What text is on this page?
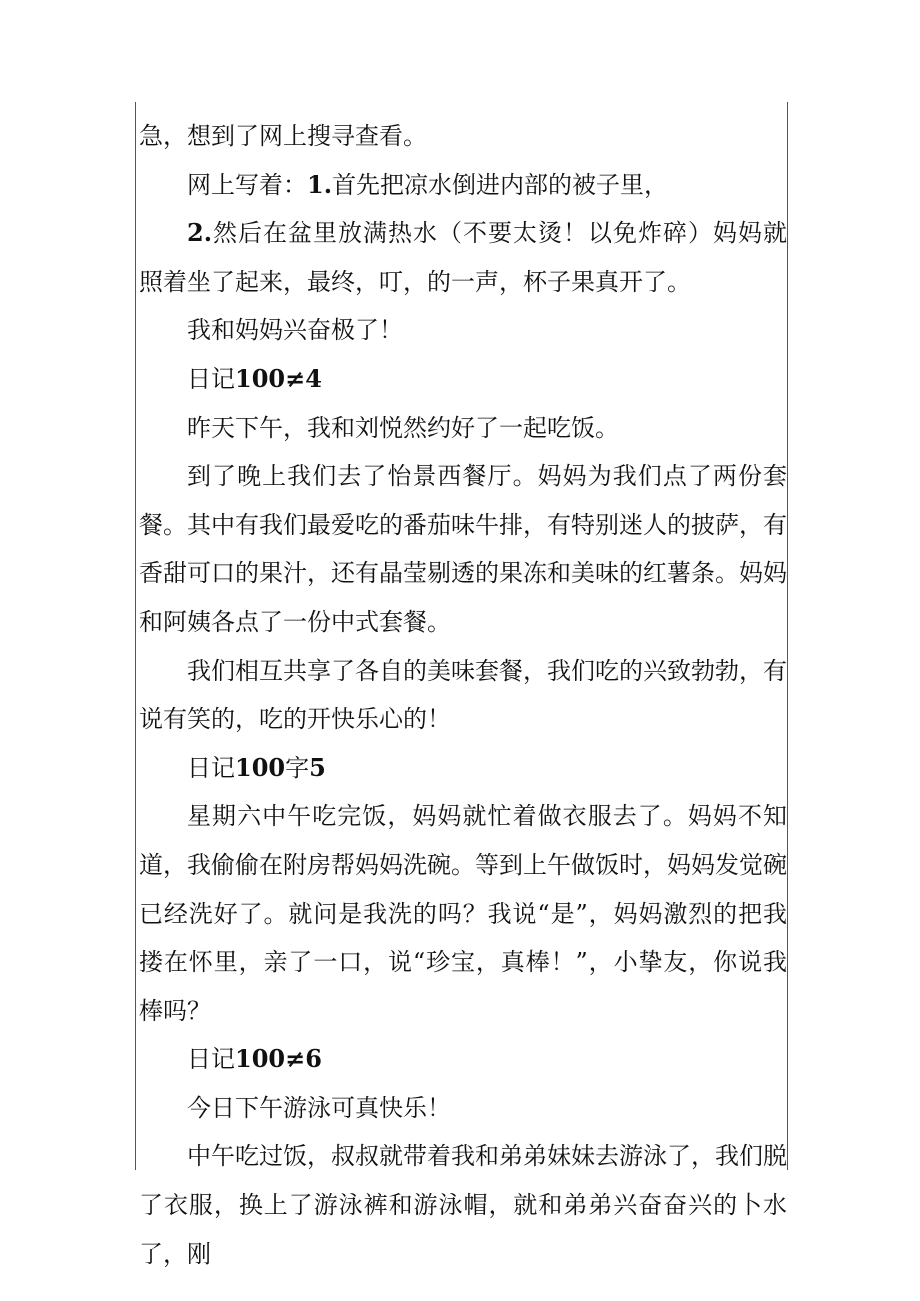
急，想到了网上搜寻查看。

网上写着：1.首先把凉水倒进内部的被子里，

2.然后在盆里放满热水（不要太烫！以免炸碎）妈妈就照着坐了起来，最终，叮，的一声，杯子果真开了。

我和妈妈兴奋极了！

日记100≠4

昨天下午，我和刘悦然约好了一起吃饭。

到了晚上我们去了怡景西餐厅。妈妈为我们点了两份套餐。其中有我们最爱吃的番茄味牛排，有特别迷人的披萨，有香甜可口的果汁，还有晶莹剔透的果冻和美味的红薯条。妈妈和阿姨各点了一份中式套餐。

我们相互共享了各自的美味套餐，我们吃的兴致勃勃，有说有笑的，吃的开快乐心的！

日记100字5

星期六中午吃完饭，妈妈就忙着做衣服去了。妈妈不知道，我偷偷在附房帮妈妈洗碗。等到上午做饭时，妈妈发觉碗已经洗好了。就问是我洗的吗？我说“是”，妈妈激烈的把我搂在怀里，亲了一口，说“珍宝，真棒！”，小挚友，你说我棒吗？

日记100≠6

今日下午游泳可真快乐！

中午吃过饭，叔叔就带着我和弟弟妹妹去游泳了，我们脱了衣服，换上了游泳裤和游泳帽，就和弟弟兴奋奋兴的卜水了，刚
